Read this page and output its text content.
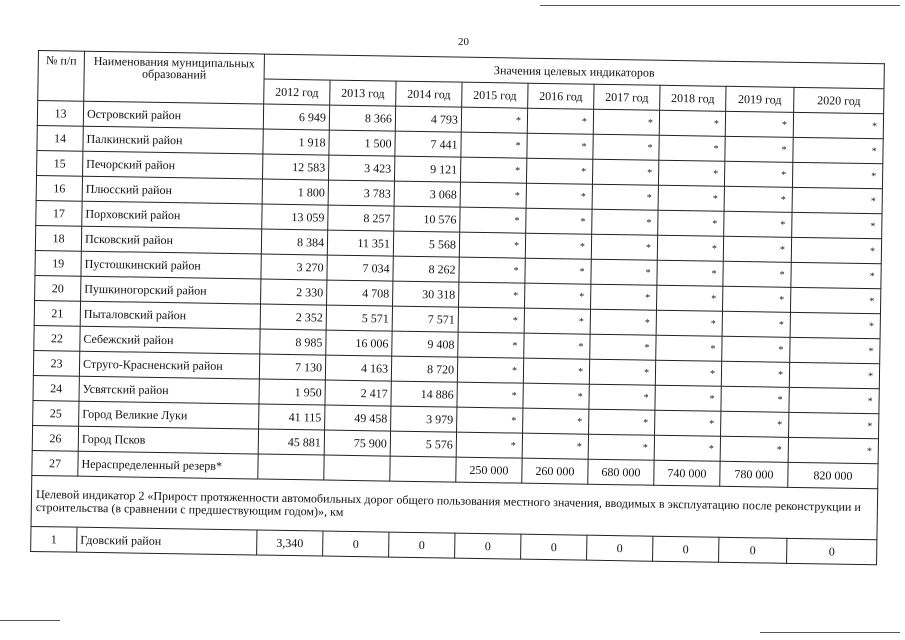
20
№ п/п	Наименования муниципальных образований	Значения целевых индикаторов								
		2012 год	2013 год	2014 год	2015 год	2016 год	2017 год	2018 год	2019 год	2020 год
13	Островский район	6 949	8 366	4 793	*	*	*	*	*	*
14	Палкинский район	1 918	1 500	7 441	*	*	*	*	*	*
15	Печорский район	12 583	3 423	9 121	*	*	*	*	*	*
16	Плюсский район	1 800	3 783	3 068	*	*	*	*	*	*
17	Порховский район	13 059	8 257	10 576	*	*	*	*	*	*
18	Псковский район	8 384	11 351	5 568	*	*	*	*	*	*
19	Пустошкинский район	3 270	7 034	8 262	*	*	*	*	*	*
20	Пушкиногорский район	2 330	4 708	30 318	*	*	*	*	*	*
21	Пыталовский район	2 352	5 571	7 571	*	*	*	*	*	*
22	Себежский район	8 985	16 006	9 408	*	*	*	*	*	*
23	Струго-Красненский район	7 130	4 163	8 720	*	*	*	*	*	*
24	Усвятский район	1 950	2 417	14 886	*	*	*	*	*	*
25	Город Великие Луки	41 115	49 458	3 979	*	*	*	*	*	*
26	Город Псков	45 881	75 900	5 576	*	*	*	*	*	*
27	Нераспределенный резерв*				250 000	260 000	680 000	740 000	780 000	820 000
Целевой индикатор 2 «Прирост протяженности автомобильных дорог общего пользования местного значения, вводимых в эксплуатацию после реконструкции и строительства (в сравнении с предшествующим годом)», км										
1	Гдовский район	3,340	0	0	0	0	0	0	0	0
